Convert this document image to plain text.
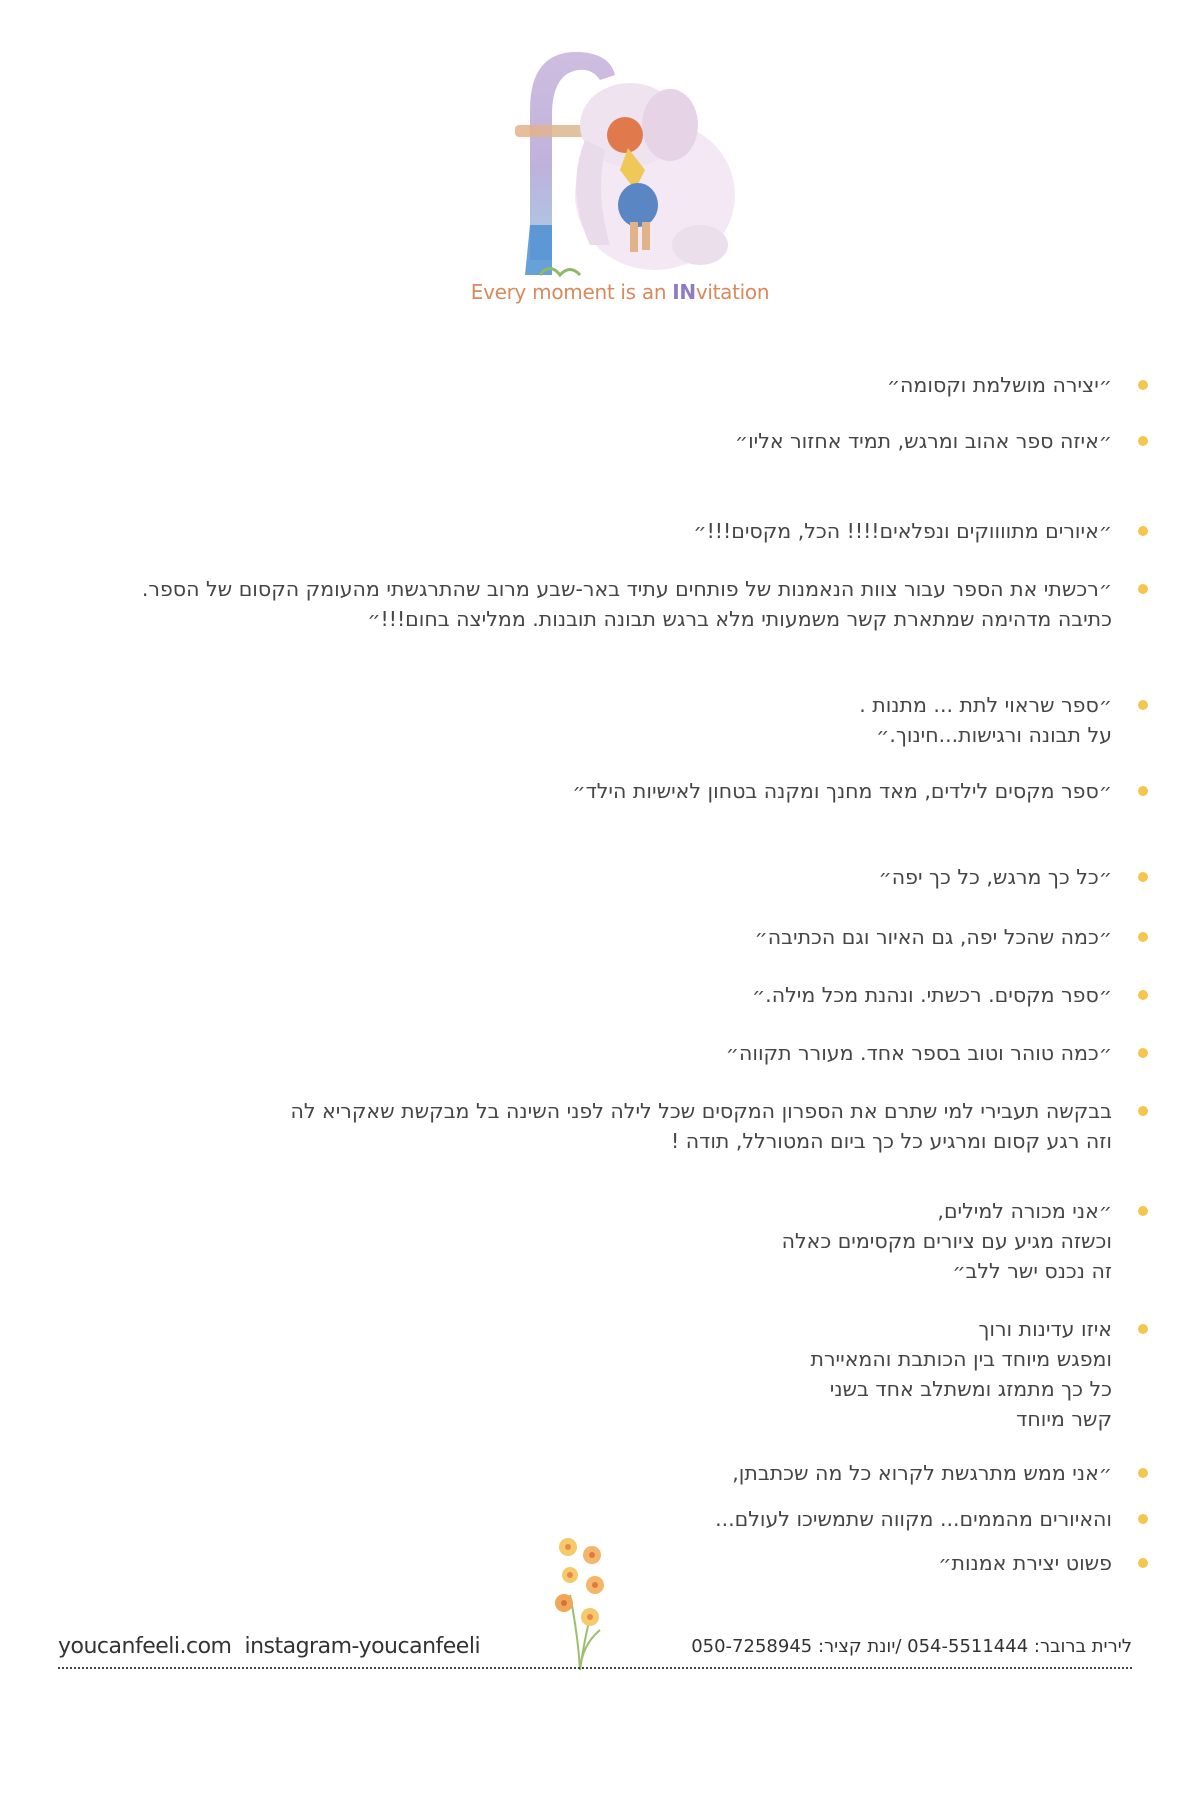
Every moment is an INvitation
״יצירה מושלמת וקסומה״
״איזה ספר אהוב ומרגש, תמיד אחזור אליו״
״איורים מתווווקים ונפלאים!!!! הכל, מקסים!!!״
״רכשתי את הספר עבור צוות הנאמנות של פותחים עתיד באר-שבע מרוב שהתרגשתי מהעומק הקסום של הספר.
כתיבה מדהימה שמתארת קשר משמעותי מלא ברגש תבונה תובנות. ממליצה בחום!!!״
״ספר שראוי לתת ... מתנות .
על תבונה ורגישות...חינוך.״
״ספר מקסים לילדים, מאד מחנך ומקנה בטחון לאישיות הילד״
״כל כך מרגש, כל כך יפה״
״כמה שהכל יפה, גם האיור וגם הכתיבה״
״ספר מקסים. רכשתי. ונהנת מכל מילה.״
״כמה טוהר וטוב בספר אחד. מעורר תקווה״
בבקשה תעבירי למי שתרם את הספרון המקסים שכל לילה לפני השינה בל מבקשת שאקריא לה
וזה רגע קסום ומרגיע כל כך ביום המטורלל, תודה !
״אני מכורה למילים,
וכשזה מגיע עם ציורים מקסימים כאלה
זה נכנס ישר ללב״
איזו עדינות ורוך
ומפגש מיוחד בין הכותבת והמאיירת
כל כך מתמזג ומשתלב אחד בשני
קשר מיוחד
״אני ממש מתרגשת לקרוא כל מה שכתבתן,
והאיורים מהממים... מקווה שתמשיכו לעולם...
פשוט יצירת אמנות״
youcanfeeli.com instagram-youcanfeeli	לירית ברובר: 054-5511444 /יונת קציר: 050-7258945
